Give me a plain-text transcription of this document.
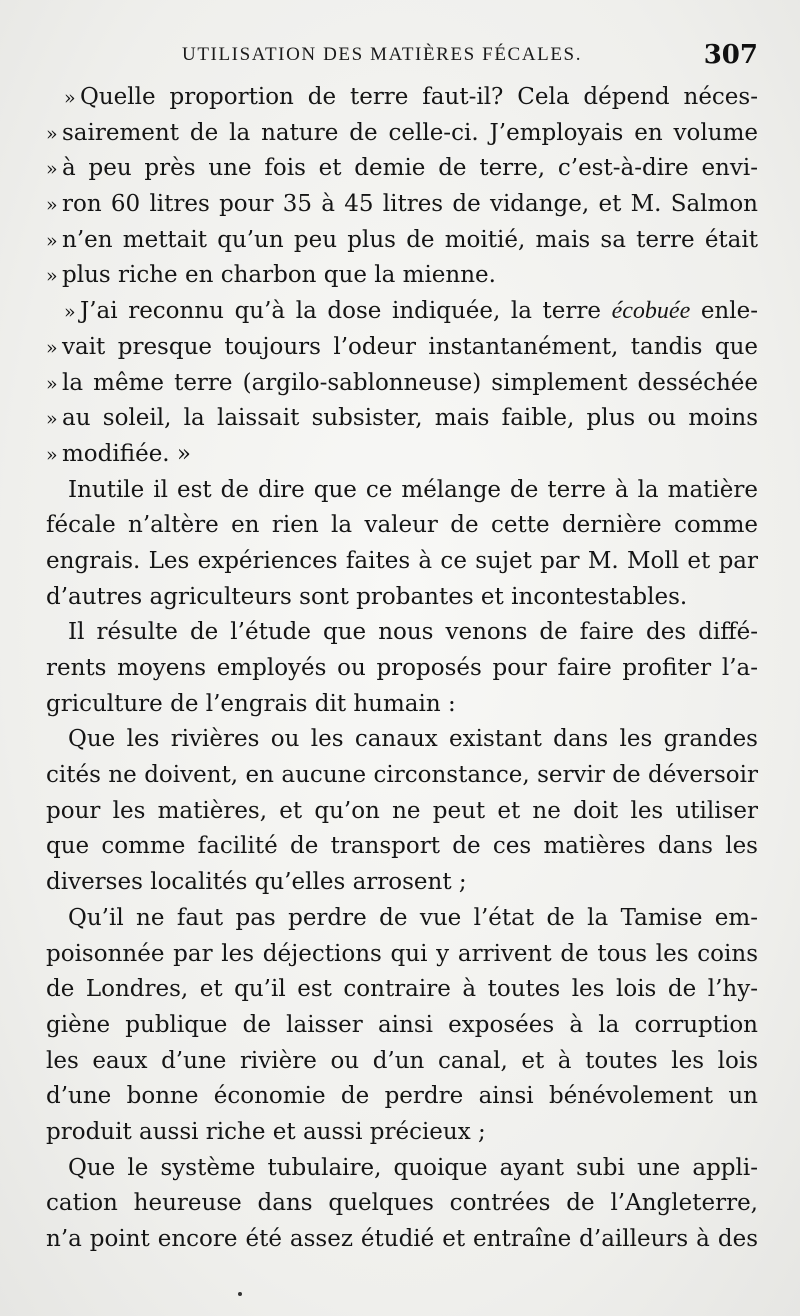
UTILISATION DES MATIÈRES FÉCALES.	307
» Quelle proportion de terre faut-il? Cela dépend néces-
» sairement de la nature de celle-ci. J’employais en volume
» à peu près une fois et demie de terre, c’est-à-dire envi-
» ron 60 litres pour 35 à 45 litres de vidange, et M. Salmon
» n’en mettait qu’un peu plus de moitié, mais sa terre était
» plus riche en charbon que la mienne.
» J’ai reconnu qu’à la dose indiquée, la terre écobuée enle-
» vait presque toujours l’odeur instantanément, tandis que
» la même terre (argilo-sablonneuse) simplement desséchée
» au soleil, la laissait subsister, mais faible, plus ou moins
» modifiée. »
Inutile il est de dire que ce mélange de terre à la matière
fécale n’altère en rien la valeur de cette dernière comme
engrais. Les expériences faites à ce sujet par M. Moll et par
d’autres agriculteurs sont probantes et incontestables.
Il résulte de l’étude que nous venons de faire des diffé-
rents moyens employés ou proposés pour faire profiter l’a-
griculture de l’engrais dit humain :
Que les rivières ou les canaux existant dans les grandes
cités ne doivent, en aucune circonstance, servir de déversoir
pour les matières, et qu’on ne peut et ne doit les utiliser
que comme facilité de transport de ces matières dans les
diverses localités qu’elles arrosent ;
Qu’il ne faut pas perdre de vue l’état de la Tamise em-
poisonnée par les déjections qui y arrivent de tous les coins
de Londres, et qu’il est contraire à toutes les lois de l’hy-
giène publique de laisser ainsi exposées à la corruption
les eaux d’une rivière ou d’un canal, et à toutes les lois
d’une bonne économie de perdre ainsi bénévolement un
produit aussi riche et aussi précieux ;
Que le système tubulaire, quoique ayant subi une appli-
cation heureuse dans quelques contrées de l’Angleterre,
n’a point encore été assez étudié et entraîne d’ailleurs à des
